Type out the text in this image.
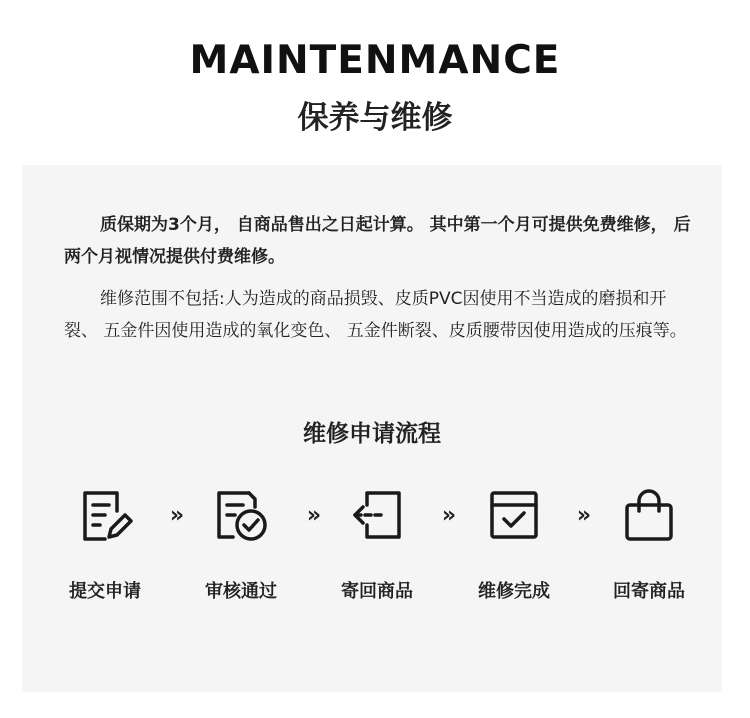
MAINTENMANCE
保养与维修
质保期为3个月， 自商品售出之日起计算。 其中第一个月可提供免费维修， 后两个月视情况提供付费维修。
维修范围不包括:人为造成的商品损毁、皮质PVC因使用不当造成的磨损和开裂、 五金件因使用造成的氧化变色、 五金件断裂、皮质腰带因使用造成的压痕等。
维修申请流程
提交申请
»
审核通过
»
寄回商品
»
维修完成
»
回寄商品
